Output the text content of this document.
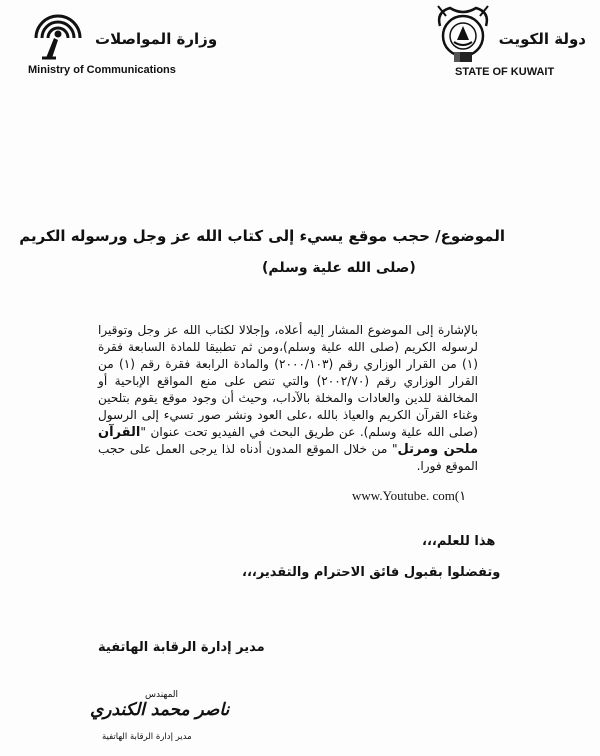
وزارة المواصلات
Ministry of Communications
دولة الكويت
STATE OF KUWAIT
الموضوع/ حجب موقع يسيء إلى كتاب الله عز وجل ورسوله الكريم
(صلى الله علية وسلم)
بالإشارة إلى الموضوع المشار إليه أعلاه، وإجلالا لكتاب الله عز وجل وتوقيرا لرسوله الكريم (صلى الله علية وسلم)،ومن ثم تطبيقا للمادة السابعة فقرة (١) من القرار الوزاري رقم (٢٠٠٠/١٠٣) والمادة الرابعة فقرة رقم (١) من القرار الوزاري رقم (٢٠٠٢/٧٠) والتي تنص على منع المواقع الإباحية أو المخالفة للدين والعادات والمخلة بالآداب، وحيث أن وجود موقع يقوم بتلحين وغناء القرآن الكريم والعياذ بالله ،على العود ونشر صور تسيء إلى الرسول (صلى الله علية وسلم). عن طريق البحث في الفيديو تحت عنوان "القرآن ملحن ومرتل" من خلال الموقع المدون أدناه لذا يرجى العمل على حجب الموقع فورا.
www.Youtube. com(١
هذا للعلم،،،
وتفضلوا بقبول فائق الاحترام والتقدير،،،
مدير إدارة الرقابة الهاتفية
المهندس
ناصر محمد الكندري
مدير إدارة الرقابة الهاتفية
